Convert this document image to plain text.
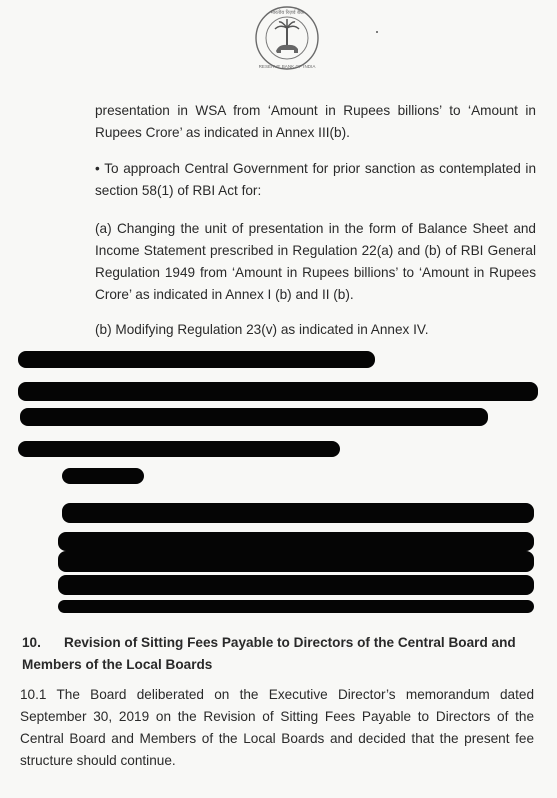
भारतीय रिज़र्व बैंक
RESERVE BANK OF INDIA

presentation in WSA from ‘Amount in Rupees billions’ to ‘Amount in Rupees Crore’ as indicated in Annex III(b).

• To approach Central Government for prior sanction as contemplated in section 58(1) of RBI Act for:

(a) Changing the unit of presentation in the form of Balance Sheet and Income Statement prescribed in Regulation 22(a) and (b) of RBI General Regulation 1949 from ‘Amount in Rupees billions’ to ‘Amount in Rupees Crore’ as indicated in Annex I (b) and II (b).

(b) Modifying Regulation 23(v) as indicated in Annex IV.

10. Revision of Sitting Fees Payable to Directors of the Central Board and Members of the Local Boards

10.1 The Board deliberated on the Executive Director’s memorandum dated September 30, 2019 on the Revision of Sitting Fees Payable to Directors of the Central Board and Members of the Local Boards and decided that the present fee structure should continue.
